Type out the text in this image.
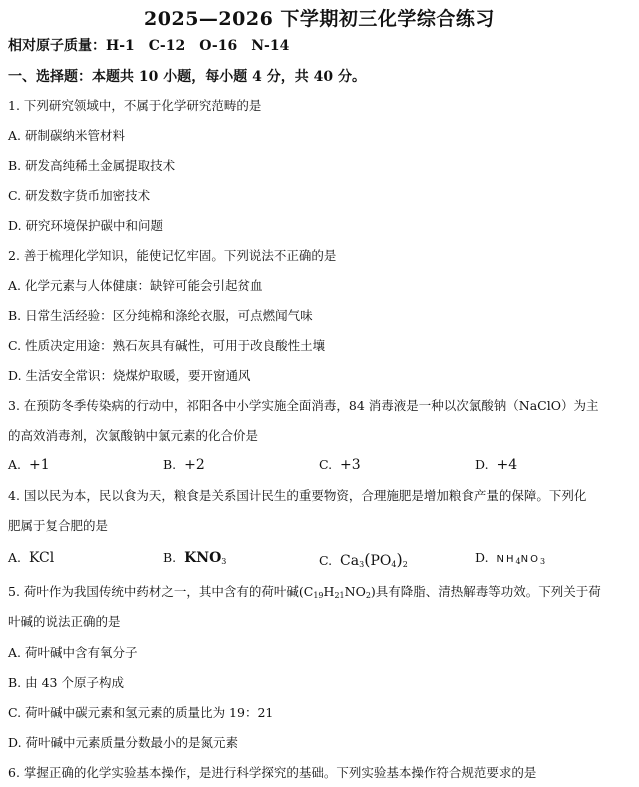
2025—2026 下学期初三化学综合练习
相对原子质量：H-1　C-12　O-16　N-14
一、选择题：本题共 10 小题，每小题 4 分，共 40 分。
1. 下列研究领域中，不属于化学研究范畴的是
A. 研制碳纳米管材料
B. 研发高纯稀土金属提取技术
C. 研发数字货币加密技术
D. 研究环境保护碳中和问题
2. 善于梳理化学知识，能使记忆牢固。下列说法不正确的是
A. 化学元素与人体健康：缺锌可能会引起贫血
B. 日常生活经验：区分纯棉和涤纶衣服，可点燃闻气味
C. 性质决定用途：熟石灰具有碱性，可用于改良酸性土壤
D. 生活安全常识：烧煤炉取暖，要开窗通风
3. 在预防冬季传染病的行动中，祁阳各中小学实施全面消毒，84 消毒液是一种以次氯酸钠（NaClO）为主
的高效消毒剂，次氯酸钠中氯元素的化合价是
A. +1	B. +2	C. +3	D. +4
4. 国以民为本，民以食为天，粮食是关系国计民生的重要物资，合理施肥是增加粮食产量的保障。下列化
肥属于复合肥的是
A. KCl	B. $KNO_3$	C. $Ca_3(PO_4)_2$	D. $NH_4NO_3$
5. 荷叶作为我国传统中药材之一，其中含有的荷叶碱$(C_{19}H_{21}NO_2)$具有降脂、清热解毒等功效。下列关于荷
叶碱的说法正确的是
A. 荷叶碱中含有氧分子
B. 由 43 个原子构成
C. 荷叶碱中碳元素和氢元素的质量比为 19：21
D. 荷叶碱中元素质量分数最小的是氮元素
6. 掌握正确的化学实验基本操作，是进行科学探究的基础。下列实验基本操作符合规范要求的是
